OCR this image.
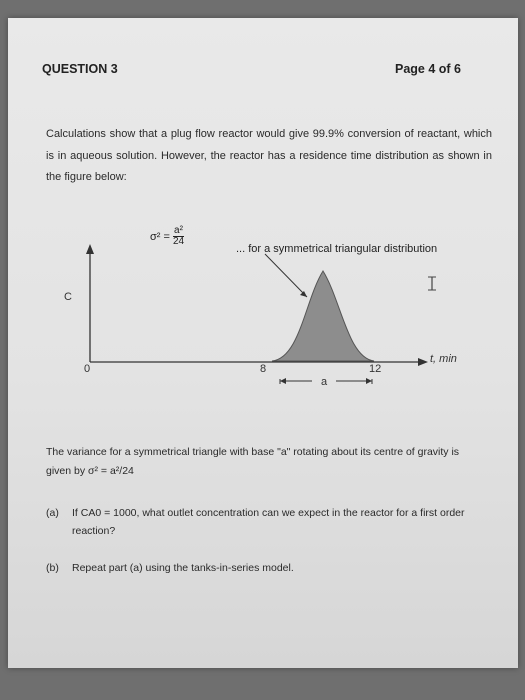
QUESTION 3	Page 4 of 6
Calculations show that a plug flow reactor would give 99.9% conversion of reactant, which is in aqueous solution. However, the reactor has a residence time distribution as shown in the figure below:
$\sigma^2 = \frac{\text{a²}}{24}$
... for a symmetrical triangular distribution
0	8	12
a
t, min
C
The variance for a symmetrical triangle with base "a" rotating about its centre of gravity is given by σ² = a²/24
(a)	If CA0 = 1000, what outlet concentration can we expect in the reactor for a first order reaction?
(b)	Repeat part (a) using the tanks-in-series model.
